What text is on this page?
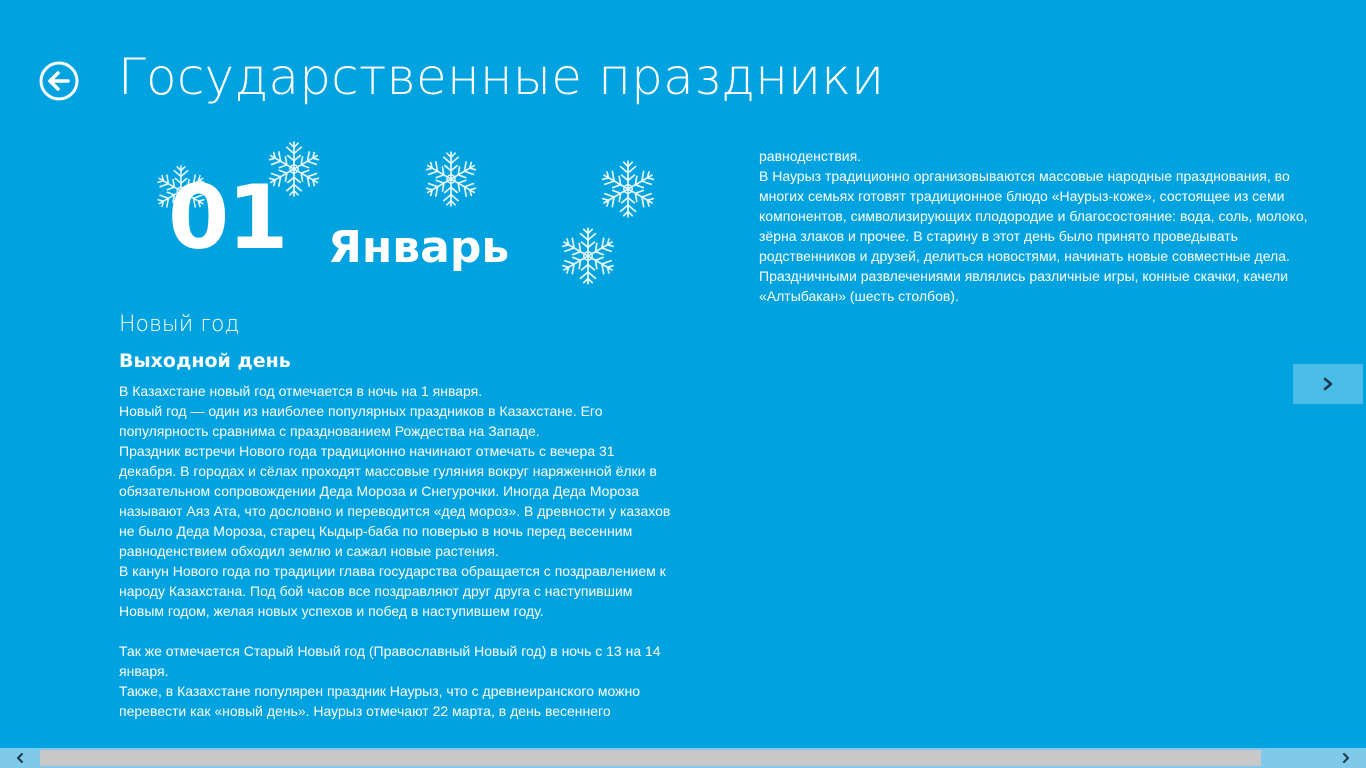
Государственные праздники
01 Январь
Новый год
Выходной день
В Казахстане новый год отмечается в ночь на 1 января.
Новый год — один из наиболее популярных праздников в Казахстане. Его
популярность сравнима с празднованием Рождества на Западе.
Праздник встречи Нового года традиционно начинают отмечать с вечера 31
декабря. В городах и сёлах проходят массовые гуляния вокруг наряженной ёлки в
обязательном сопровождении Деда Мороза и Снегурочки. Иногда Деда Мороза
называют Аяз Ата, что дословно и переводится «дед мороз». В древности у казахов
не было Деда Мороза, старец Кыдыр-баба по поверью в ночь перед весенним
равноденствием обходил землю и сажал новые растения.
В канун Нового года по традиции глава государства обращается с поздравлением к
народу Казахстана. Под бой часов все поздравляют друг друга с наступившим
Новым годом, желая новых успехов и побед в наступившем году.
Так же отмечается Старый Новый год (Православный Новый год) в ночь с 13 на 14
января.
Также, в Казахстане популярен праздник Наурыз, что с древнеиранского можно
перевести как «новый день». Наурыз отмечают 22 марта, в день весеннего
равноденствия.
В Наурыз традиционно организовываются массовые народные празднования, во
многих семьях готовят традиционное блюдо «Наурыз-коже», состоящее из семи
компонентов, символизирующих плодородие и благосостояние: вода, соль, молоко,
зёрна злаков и прочее. В старину в этот день было принято проведывать
родственников и друзей, делиться новостями, начинать новые совместные дела.
Праздничными развлечениями являлись различные игры, конные скачки, качели
«Алтыбакан» (шесть столбов).
